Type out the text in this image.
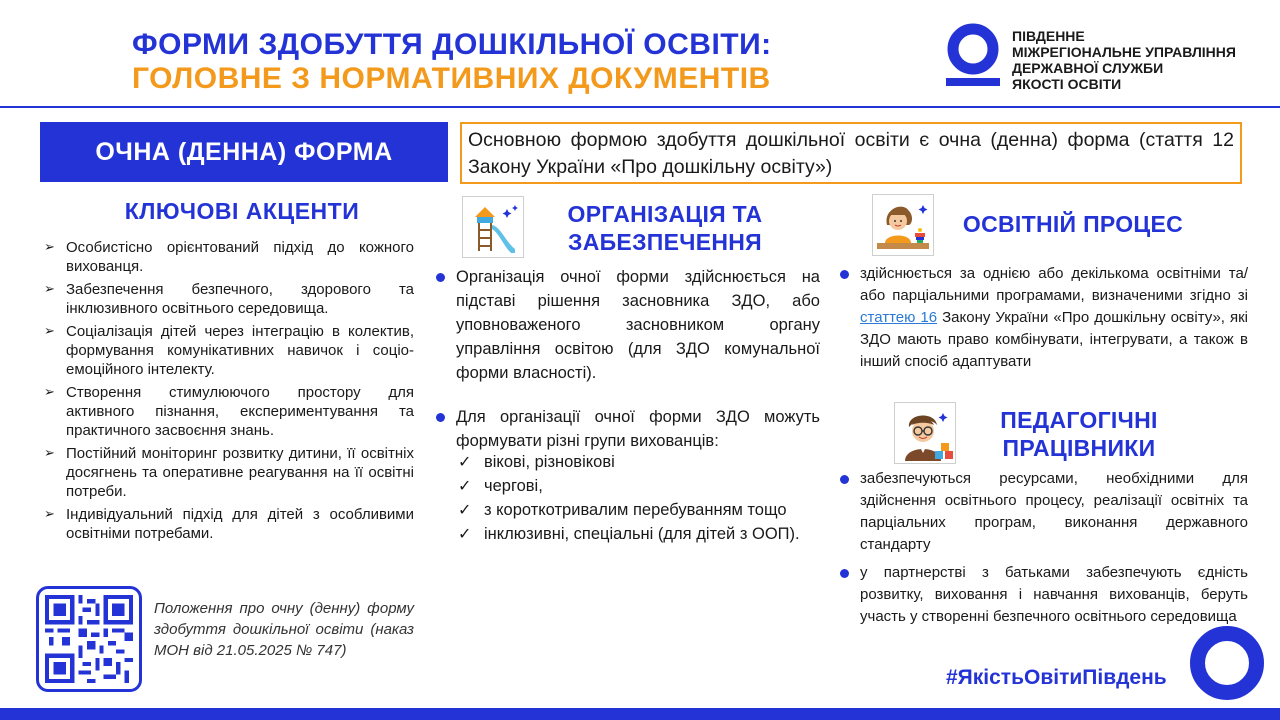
ФОРМИ ЗДОБУТТЯ ДОШКІЛЬНОЇ ОСВІТИ:
ГОЛОВНЕ З НОРМАТИВНИХ ДОКУМЕНТІВ
ПІВДЕННЕ
МІЖРЕГІОНАЛЬНЕ УПРАВЛІННЯ
ДЕРЖАВНОЇ СЛУЖБИ
ЯКОСТІ ОСВІТИ
ОЧНА (ДЕННА) ФОРМА	Основною формою здобуття дошкільної освіти є очна (денна) форма (стаття 12 Закону України «Про дошкільну освіту»)
КЛЮЧОВІ АКЦЕНТИ
➢ Особистісно орієнтований підхід до кожного вихованця.
➢ Забезпечення безпечного, здорового та інклюзивного освітнього середовища.
➢ Соціалізація дітей через інтеграцію в колектив, формування комунікативних навичок і соціо-емоційного інтелекту.
➢ Створення стимулюючого простору для активного пізнання, експериментування та практичного засвоєння знань.
➢ Постійний моніторинг розвитку дитини, її освітніх досягнень та оперативне реагування на її освітні потреби.
➢ Індивідуальний підхід для дітей з особливими освітніми потребами.
Положення про очну (денну) форму здобуття дошкільної освіти (наказ МОН від 21.05.2025 № 747)
ОРГАНІЗАЦІЯ ТА
ЗАБЕЗПЕЧЕННЯ
Організація очної форми здійснюється на підставі рішення засновника ЗДО, або уповноваженого засновником органу управління освітою (для ЗДО комунальної форми власності).
Для організації очної форми ЗДО можуть формувати різні групи вихованців:
✓ вікові, різновікові
✓ чергові,
✓ з короткотривалим перебуванням тощо
✓ інклюзивні, спеціальні (для дітей з ООП).
ОСВІТНІЙ ПРОЦЕС
здійснюється за однією або декількома освітніми та/або парціальними програмами, визначеними згідно зі статтею 16 Закону України «Про дошкільну освіту», які ЗДО мають право комбінувати, інтегрувати, а також в інший спосіб адаптувати
ПЕДАГОГІЧНІ
ПРАЦІВНИКИ
забезпечуються ресурсами, необхідними для здійснення освітнього процесу, реалізації освітніх та парціальних програм, виконання державного стандарту
у партнерстві з батьками забезпечують єдність розвитку, виховання і навчання вихованців, беруть участь у створенні безпечного освітнього середовища
#ЯкістьОвітиПівдень
